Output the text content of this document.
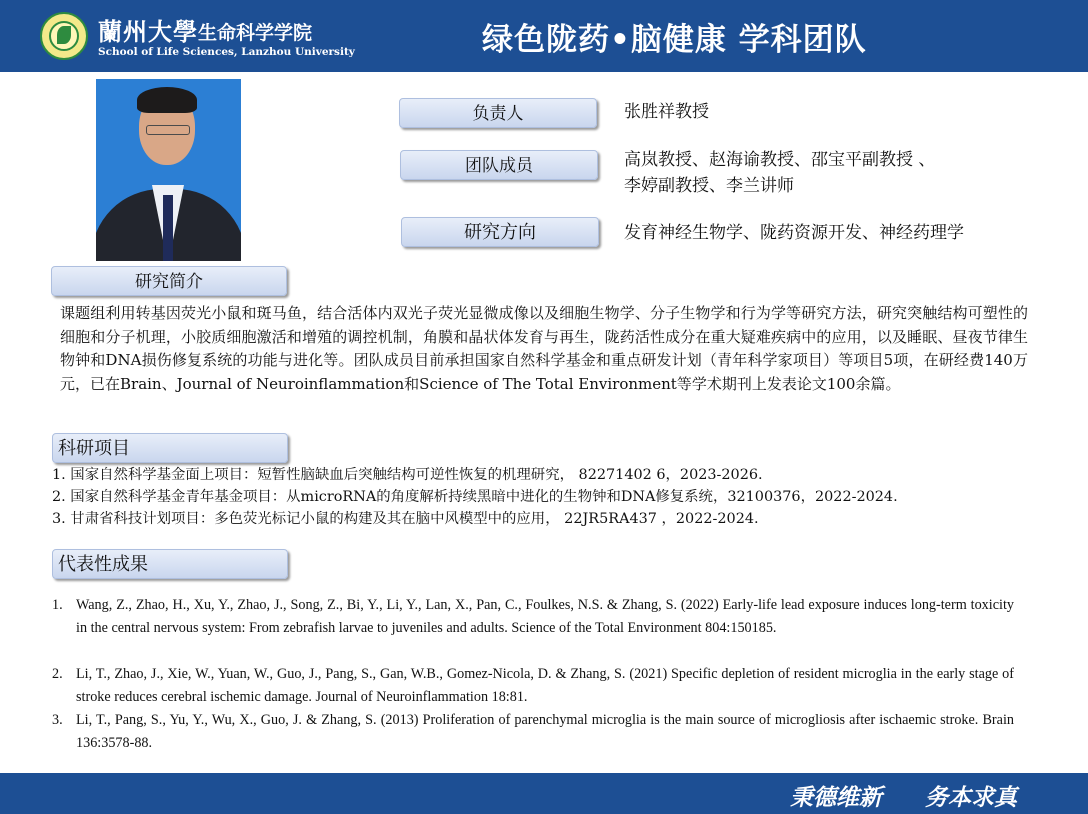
蘭州大學 生命科学学院
School of Life Sciences, Lanzhou University	绿色陇药•脑健康 学科团队
负责人	张胜祥教授
团队成员	高岚教授、赵海谕教授、邵宝平副教授 、
李婷副教授、李兰讲师
研究方向	发育神经生物学、陇药资源开发、神经药理学
研究简介
课题组利用转基因荧光小鼠和斑马鱼，结合活体内双光子荧光显微成像以及细胞生物学、分子生物学和行为学等研究方法，研究突触结构可塑性的细胞和分子机理，小胶质细胞激活和增殖的调控机制，角膜和晶状体发育与再生，陇药活性成分在重大疑难疾病中的应用，以及睡眠、昼夜节律生物钟和DNA损伤修复系统的功能与进化等。团队成员目前承担国家自然科学基金和重点研发计划（青年科学家项目）等项目5项，在研经费140万元，已在Brain、Journal of Neuroinflammation和Science of The Total Environment等学术期刊上发表论文100余篇。
科研项目
1. 国家自然科学基金面上项目：短暂性脑缺血后突触结构可逆性恢复的机理研究， 82271402 6，2023-2026.
2. 国家自然科学基金青年基金项目：从microRNA的角度解析持续黑暗中进化的生物钟和DNA修复系统，32100376，2022-2024.
3. 甘肃省科技计划项目：多色荧光标记小鼠的构建及其在脑中风模型中的应用， 22JR5RA437 ，2022-2024.
代表性成果
1. Wang, Z., Zhao, H., Xu, Y., Zhao, J., Song, Z., Bi, Y., Li, Y., Lan, X., Pan, C., Foulkes, N.S. & Zhang, S. (2022) Early-life lead exposure induces long-term toxicity in the central nervous system: From zebrafish larvae to juveniles and adults. Science of the Total Environment 804:150185.
2. Li, T., Zhao, J., Xie, W., Yuan, W., Guo, J., Pang, S., Gan, W.B., Gomez-Nicola, D. & Zhang, S. (2021) Specific depletion of resident microglia in the early stage of stroke reduces cerebral ischemic damage. Journal of Neuroinflammation 18:81.
3. Li, T., Pang, S., Yu, Y., Wu, X., Guo, J. & Zhang, S. (2013) Proliferation of parenchymal microglia is the main source of microgliosis after ischaemic stroke. Brain 136:3578-88.
秉德维新 务本求真
